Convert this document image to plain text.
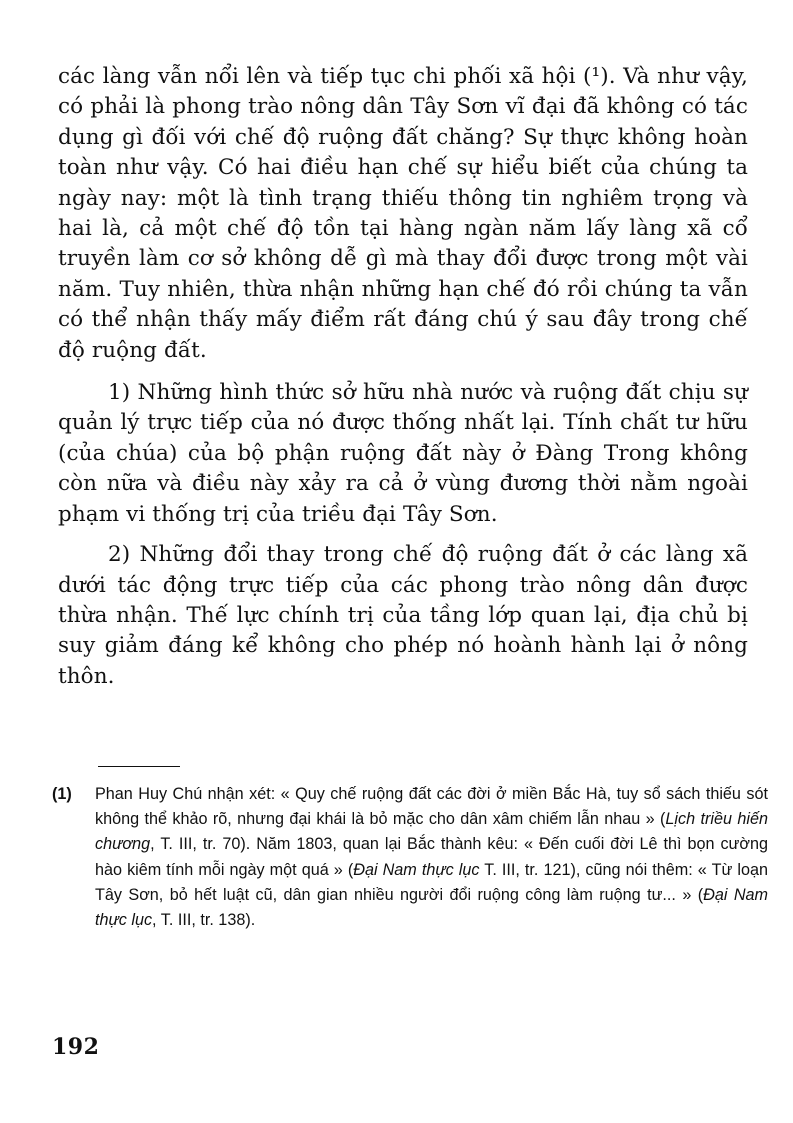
các làng vẫn nổi lên và tiếp tục chi phối xã hội (¹). Và như vậy, có phải là phong trào nông dân Tây Sơn vĩ đại đã không có tác dụng gì đối với chế độ ruộng đất chăng? Sự thực không hoàn toàn như vậy. Có hai điều hạn chế sự hiểu biết của chúng ta ngày nay: một là tình trạng thiếu thông tin nghiêm trọng và hai là, cả một chế độ tồn tại hàng ngàn năm lấy làng xã cổ truyền làm cơ sở không dễ gì mà thay đổi được trong một vài năm. Tuy nhiên, thừa nhận những hạn chế đó rồi chúng ta vẫn có thể nhận thấy mấy điểm rất đáng chú ý sau đây trong chế độ ruộng đất.

1) Những hình thức sở hữu nhà nước và ruộng đất chịu sự quản lý trực tiếp của nó được thống nhất lại. Tính chất tư hữu (của chúa) của bộ phận ruộng đất này ở Đàng Trong không còn nữa và điều này xảy ra cả ở vùng đương thời nằm ngoài phạm vi thống trị của triều đại Tây Sơn.

2) Những đổi thay trong chế độ ruộng đất ở các làng xã dưới tác động trực tiếp của các phong trào nông dân được thừa nhận. Thế lực chính trị của tầng lớp quan lại, địa chủ bị suy giảm đáng kể không cho phép nó hoành hành lại ở nông thôn.

(1)	Phan Huy Chú nhận xét: « Quy chế ruộng đất các đời ở miền Bắc Hà, tuy sổ sách thiếu sót không thể khảo rõ, nhưng đại khái là bỏ mặc cho dân xâm chiếm lẫn nhau » (Lịch triều hiến chương, T. III, tr. 70). Năm 1803, quan lại Bắc thành kêu: « Đến cuối đời Lê thì bọn cường hào kiêm tính mỗi ngày một quá » (Đại Nam thực lục T. III, tr. 121), cũng nói thêm: « Từ loạn Tây Sơn, bỏ hết luật cũ, dân gian nhiều người đổi ruộng công làm ruộng tư... » (Đại Nam thực lục, T. III, tr. 138).
192
